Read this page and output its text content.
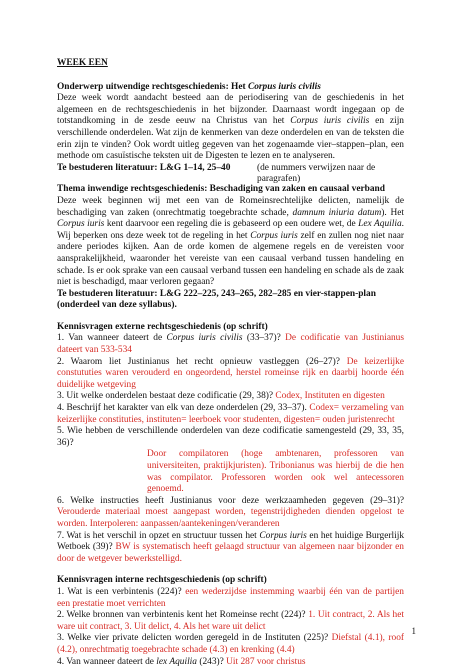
WEEK EEN
Onderwerp uitwendige rechtsgeschiedenis: Het Corpus iuris civilis
Deze week wordt aandacht besteed aan de periodisering van de geschiedenis in het algemeen en de rechtsgeschiedenis in het bijzonder. Daarnaast wordt ingegaan op de totstandkoming in de zesde eeuw na Christus van het Corpus iuris civilis en zijn verschillende onderdelen. Wat zijn de kenmerken van deze onderdelen en van de teksten die erin zijn te vinden? Ook wordt uitleg gegeven van het zogenaamde vier–stappen–plan, een methode om casuïstische teksten uit de Digesten te lezen en te analyseren.
Te bestuderen literatuur: L&G 1–14, 25–40	(de nummers verwijzen naar de paragrafen)
Thema inwendige rechtsgeschiedenis: Beschadiging van zaken en causaal verband
Deze week beginnen wij met een van de Romeinsrechtelijke delicten, namelijk de beschadiging van zaken (onrechtmatig toegebrachte schade, damnum iniuria datum). Het Corpus iuris kent daarvoor een regeling die is gebaseerd op een oudere wet, de Lex Aquilia. Wij beperken ons deze week tot de regeling in het Corpus iuris zelf en zullen nog niet naar andere periodes kijken. Aan de orde komen de algemene regels en de vereisten voor aansprakelijkheid, waaronder het vereiste van een causaal verband tussen handeling en schade. Is er ook sprake van een causaal verband tussen een handeling en schade als de zaak niet is beschadigd, maar verloren gegaan?
Te bestuderen literatuur: L&G 222–225, 243–265, 282–285 en vier-stappen-plan (onderdeel van deze syllabus).
Kennisvragen externe rechtsgeschiedenis (op schrift)
1. Van wanneer dateert de Corpus iuris civilis (33–37)? De codificatie van Justinianus dateert van 533-534
2. Waarom liet Justinianus het recht opnieuw vastleggen (26–27)? De keizerlijke constututies waren verouderd en ongeordend, herstel romeinse rijk en daarbij hoorde één duidelijke wetgeving
3. Uit welke onderdelen bestaat deze codificatie (29, 38)? Codex, Instituten en digesten
4. Beschrijf het karakter van elk van deze onderdelen (29, 33–37). Codex= verzameling van keizerlijke constituties, instituten= leerboek voor studenten, digesten= ouden juristenrecht
5. Wie hebben de verschillende onderdelen van deze codificatie samengesteld (29, 33, 35, 36)?
Door compilatoren (hoge ambtenaren, professoren van universiteiten, praktijkjuristen). Tribonianus was hierbij de die hen was compilator. Professoren worden ook wel antecessoren genoemd.
6. Welke instructies heeft Justinianus voor deze werkzaamheden gegeven (29–31)? Verouderde materiaal moest aangepast worden, tegenstrijdigheden dienden opgelost te worden. Interpoleren: aanpassen/aantekeningen/veranderen
7. Wat is het verschil in opzet en structuur tussen het Corpus iuris en het huidige Burgerlijk Wetboek (39)? BW is systematisch heeft gelaagd structuur van algemeen naar bijzonder en door de wetgever bewerkstelligd.
Kennisvragen interne rechtsgeschiedenis (op schrift)
1. Wat is een verbintenis (224)? een wederzijdse instemming waarbij één van de partijen een prestatie moet verrichten
2. Welke bronnen van verbintenis kent het Romeinse recht (224)? 1. Uit contract, 2. Als het ware uit contract, 3. Uit delict, 4. Als het ware uit delict
3. Welke vier private delicten worden geregeld in de Instituten (225)? Diefstal (4.1), roof (4.2), onrechtmatig toegebrachte schade (4.3) en krenking (4.4)
4. Van wanneer dateert de lex Aquilia (243)? Uit 287 voor christus
1
